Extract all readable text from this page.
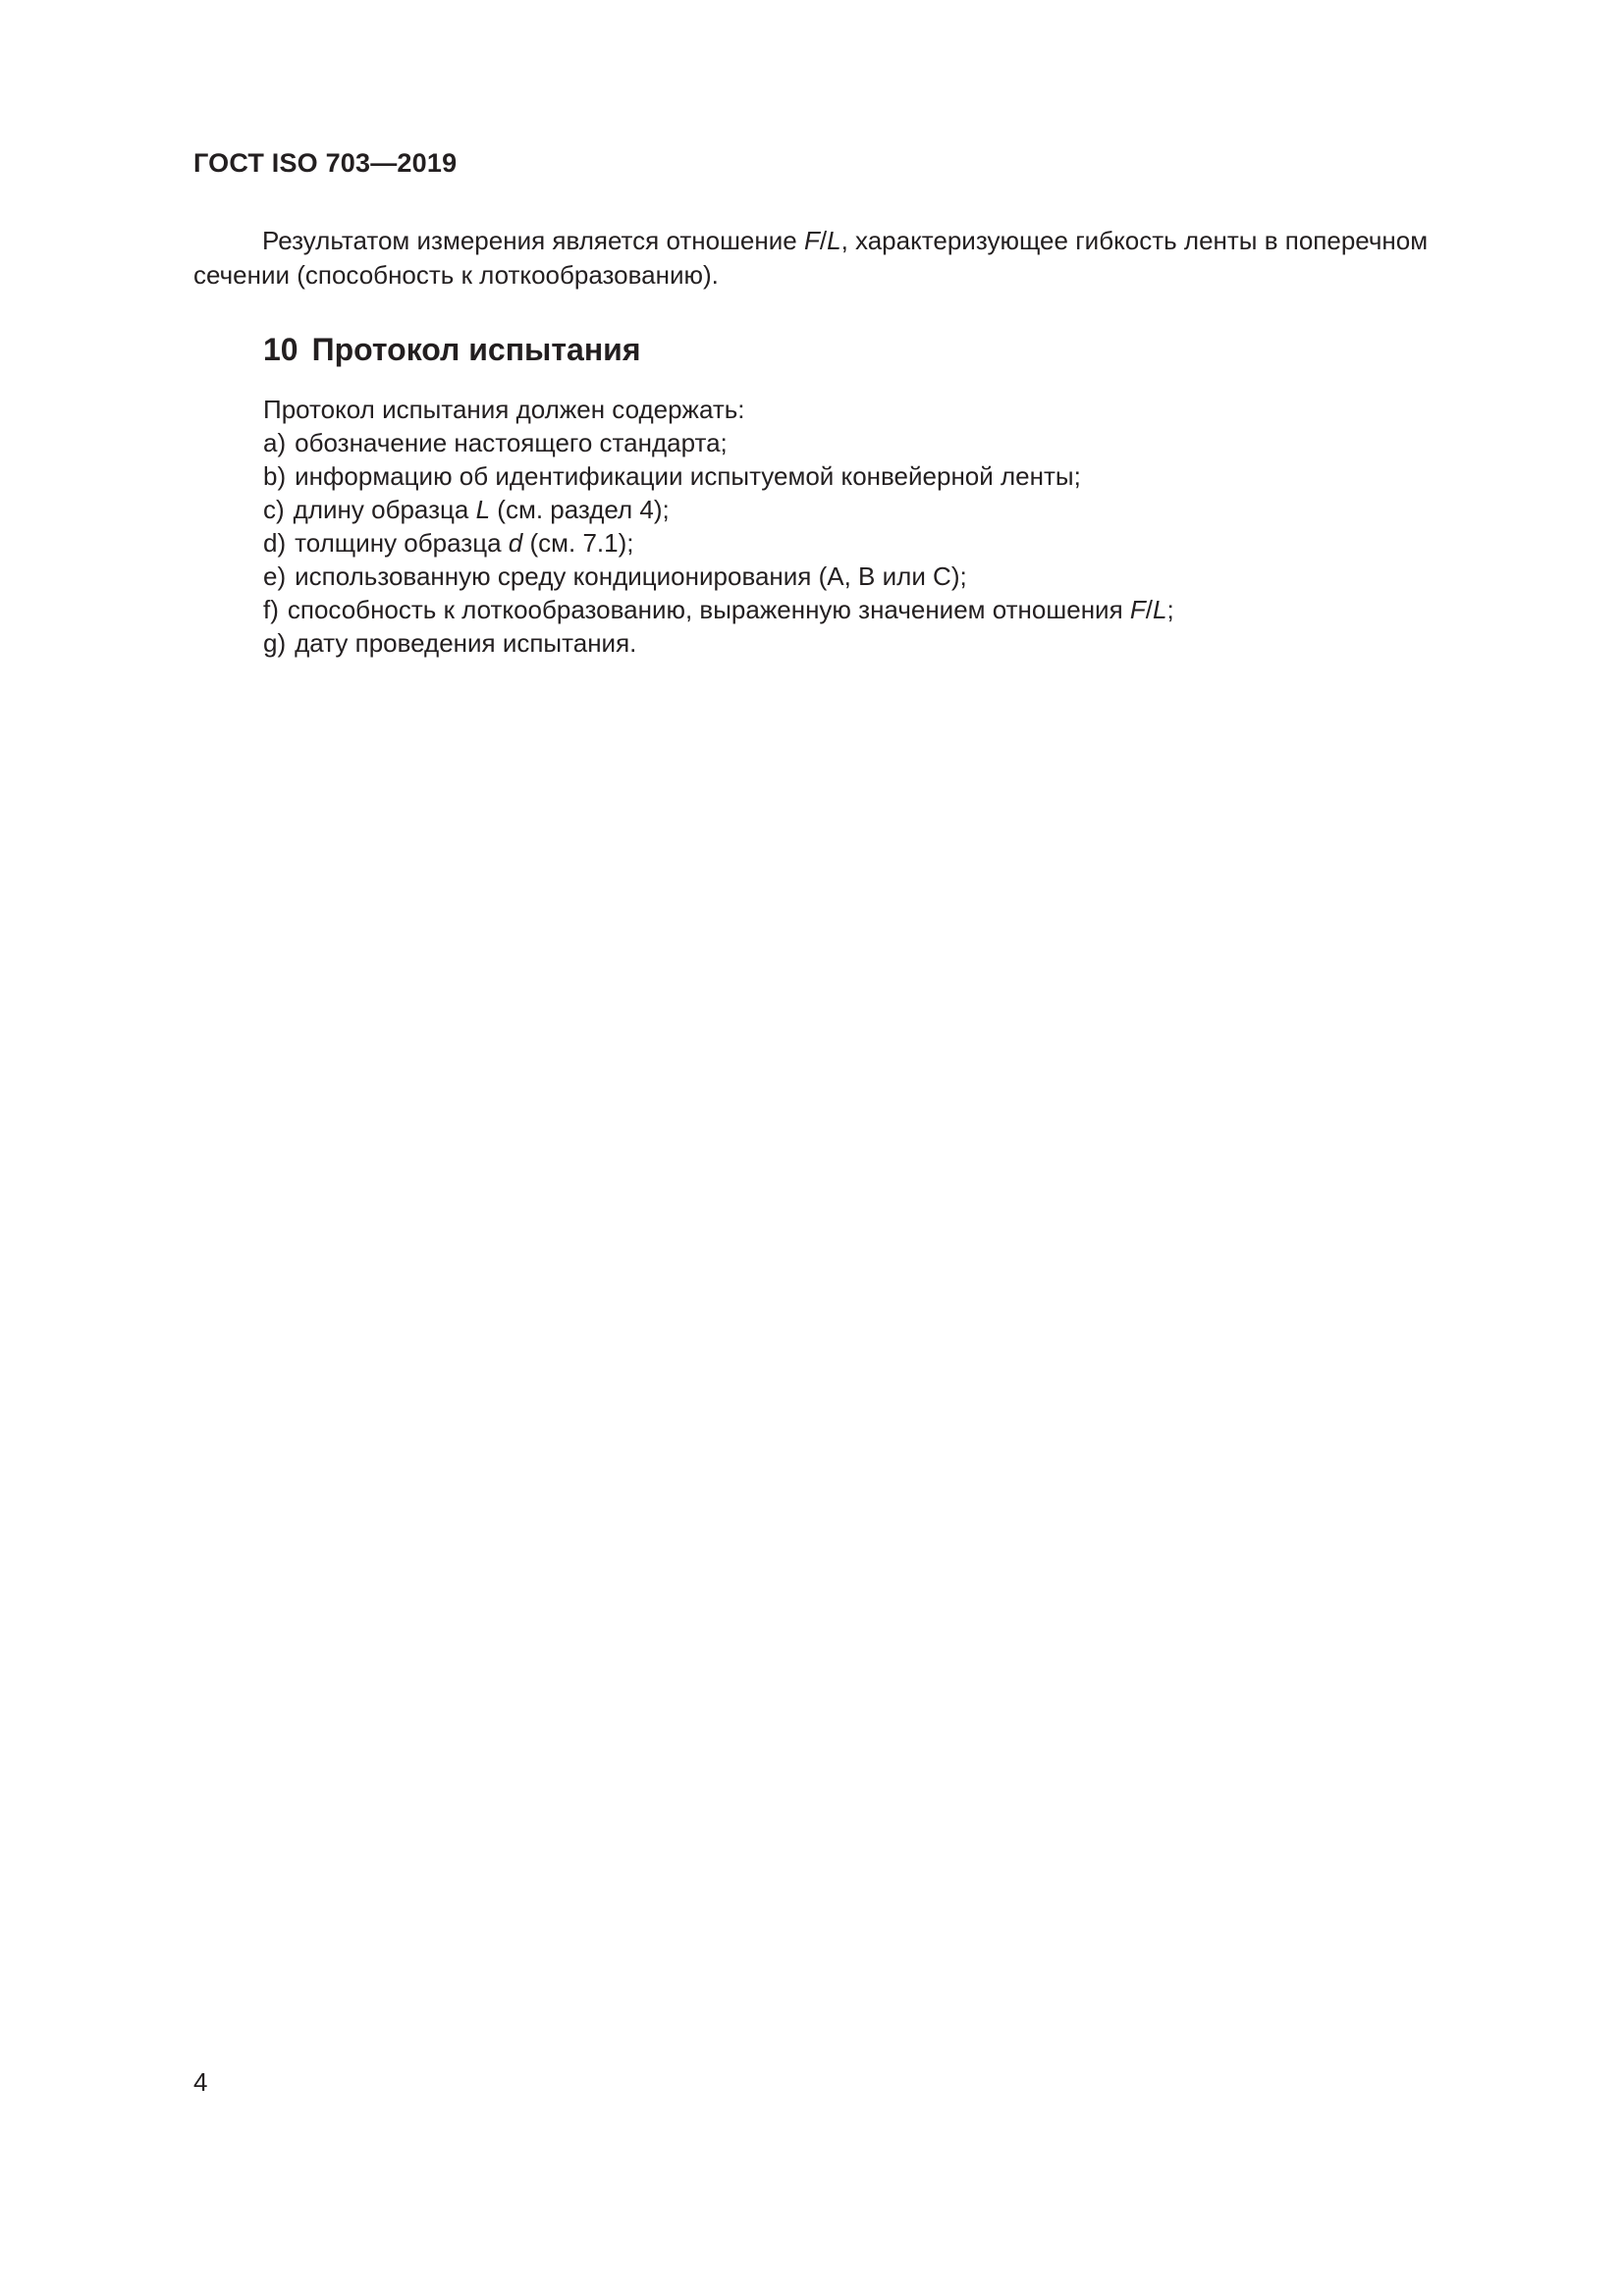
ГОСТ ISO 703—2019

Результатом измерения является отношение F/L, характеризующее гибкость ленты в поперечном сечении (способность к лоткообразованию).

10 Протокол испытания

Протокол испытания должен содержать:

a) обозначение настоящего стандарта;
b) информацию об идентификации испытуемой конвейерной ленты;
c) длину образца L (см. раздел 4);
d) толщину образца d (см. 7.1);
e) использованную среду кондиционирования (А, В или С);
f) способность к лоткообразованию, выраженную значением отношения F/L;
g) дату проведения испытания.
4
